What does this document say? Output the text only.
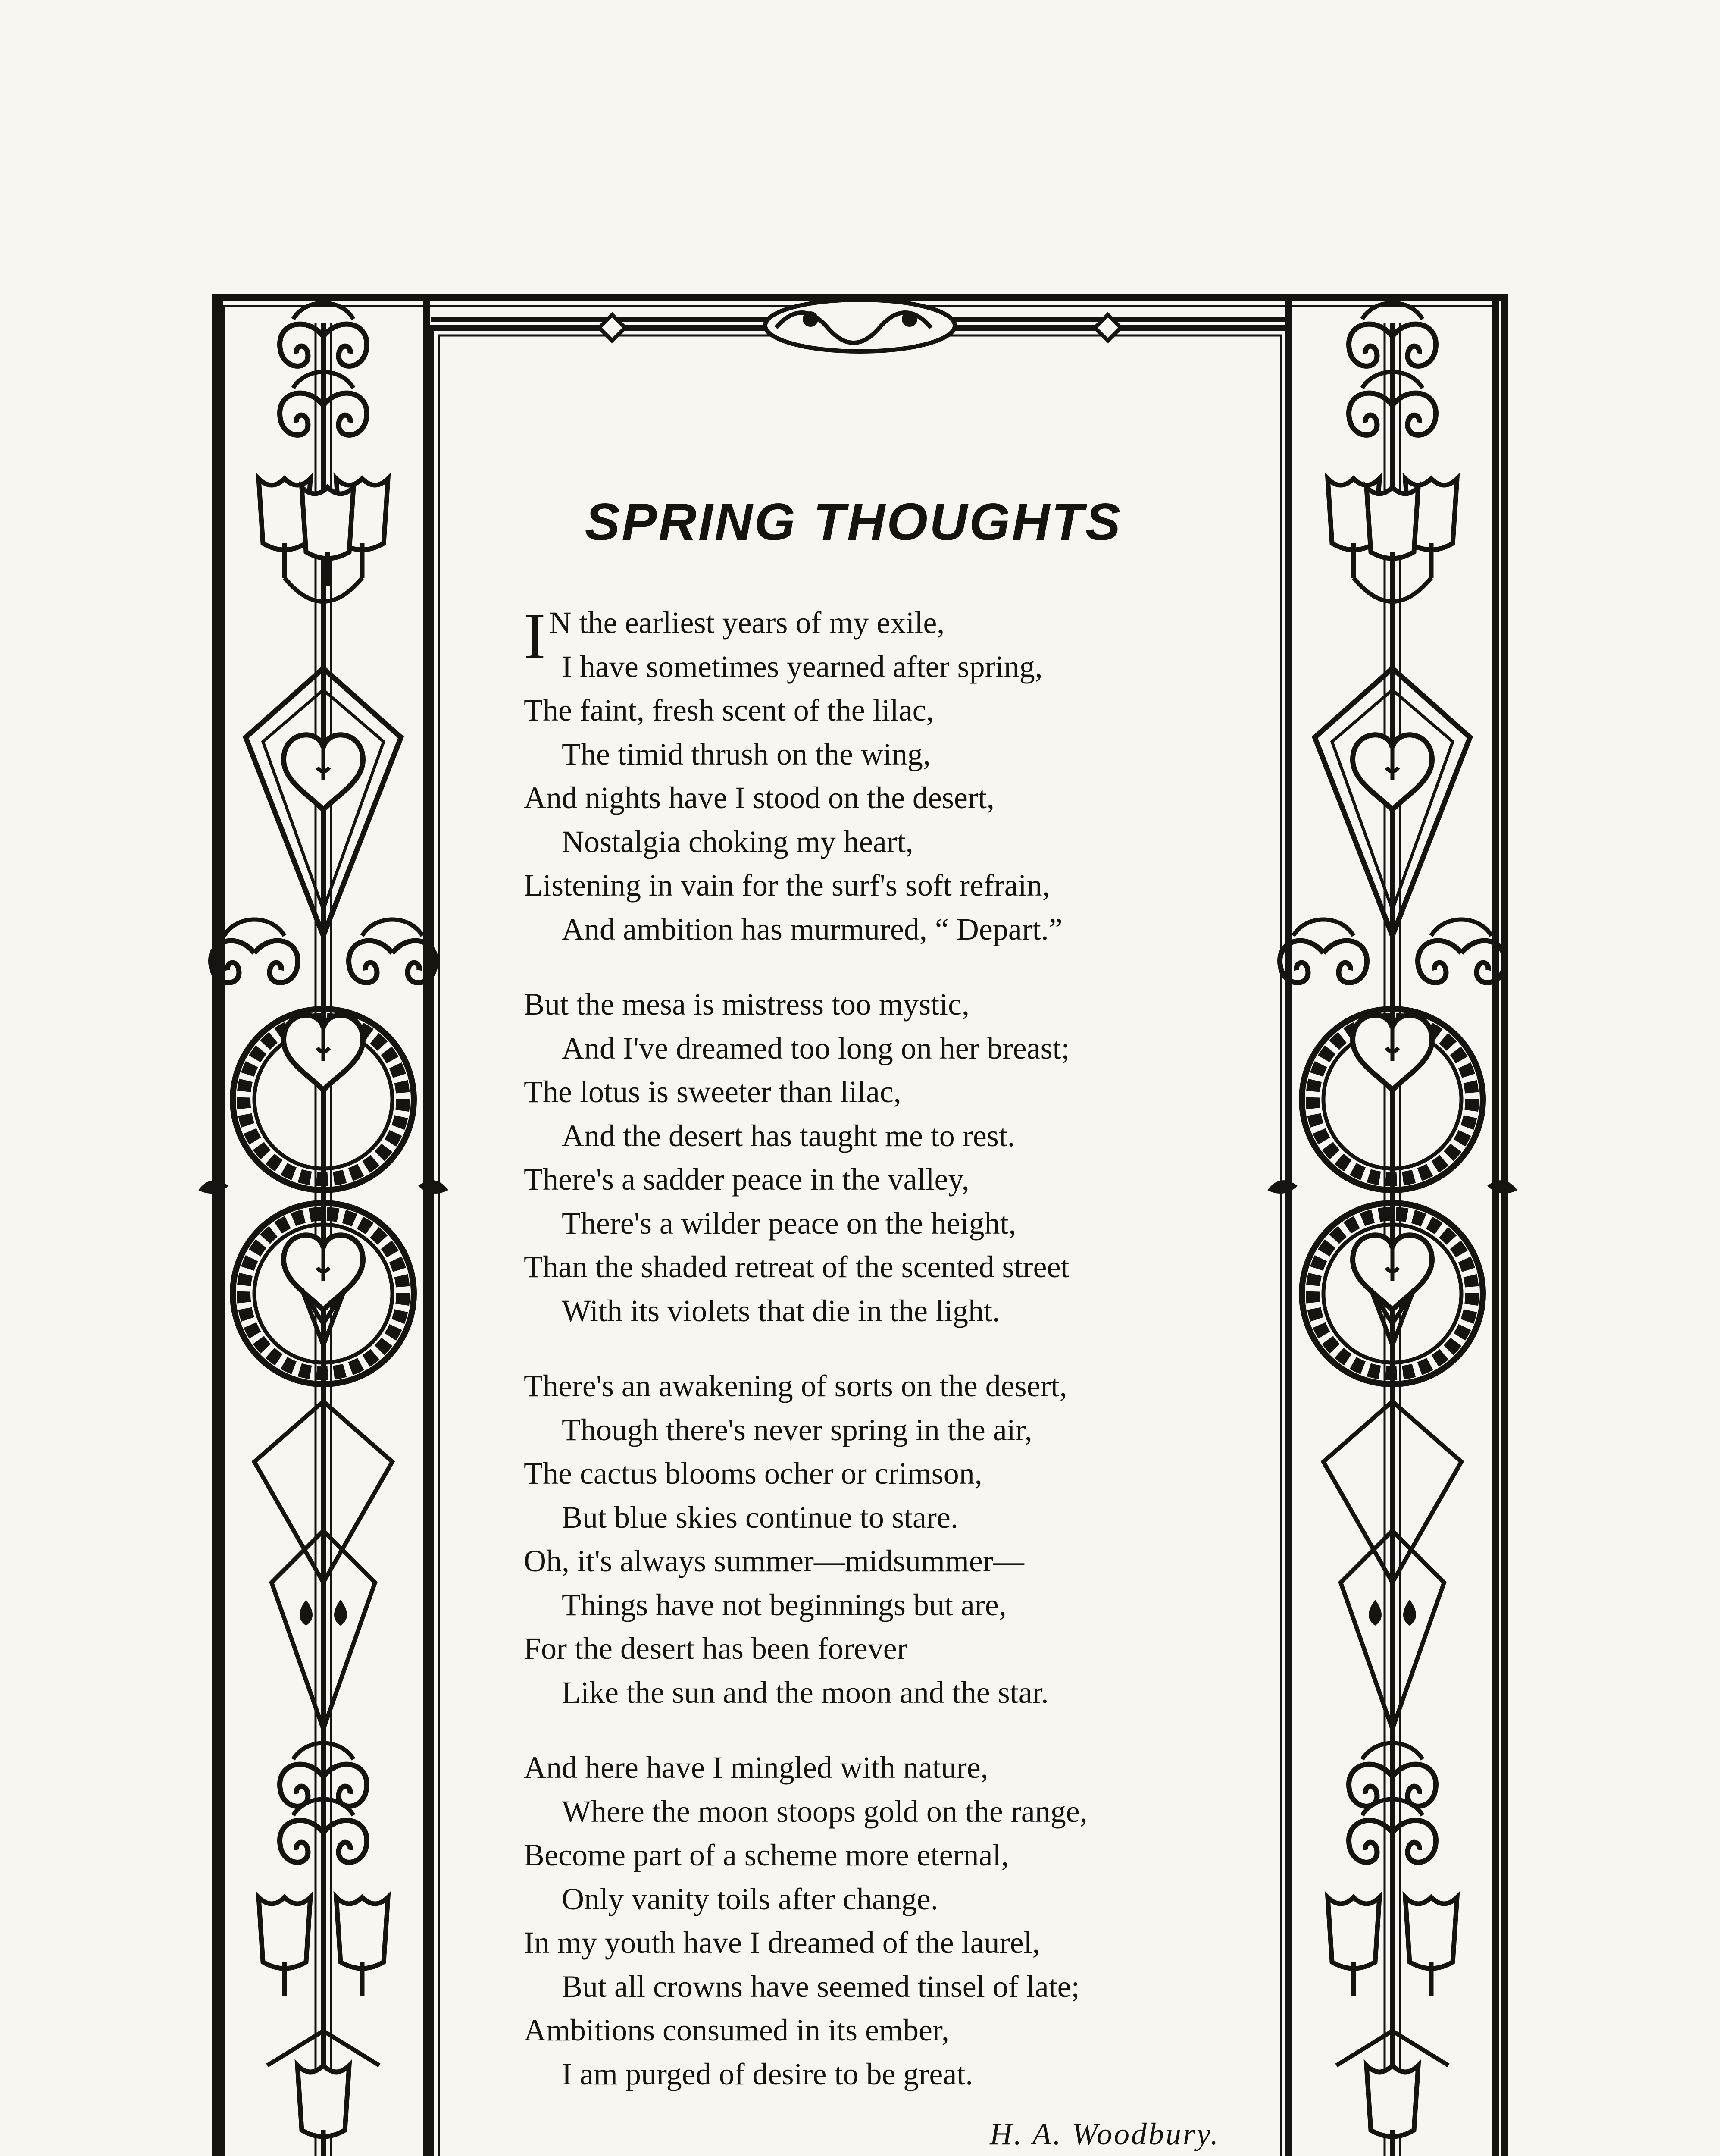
SPRING THOUGHTS
I N the earliest years of my exile,
I have sometimes yearned after spring,
The faint, fresh scent of the lilac,
The timid thrush on the wing,
And nights have I stood on the desert,
Nostalgia choking my heart,
Listening in vain for the surf's soft refrain,
And ambition has murmured, “ Depart.”
But the mesa is mistress too mystic,
And I've dreamed too long on her breast;
The lotus is sweeter than lilac,
And the desert has taught me to rest.
There's a sadder peace in the valley,
There's a wilder peace on the height,
Than the shaded retreat of the scented street
With its violets that die in the light.
There's an awakening of sorts on the desert,
Though there's never spring in the air,
The cactus blooms ocher or crimson,
But blue skies continue to stare.
Oh, it's always summer—midsummer—
Things have not beginnings but are,
For the desert has been forever
Like the sun and the moon and the star.
And here have I mingled with nature,
Where the moon stoops gold on the range,
Become part of a scheme more eternal,
Only vanity toils after change.
In my youth have I dreamed of the laurel,
But all crowns have seemed tinsel of late;
Ambitions consumed in its ember,
I am purged of desire to be great.
H. A. Woodbury.
